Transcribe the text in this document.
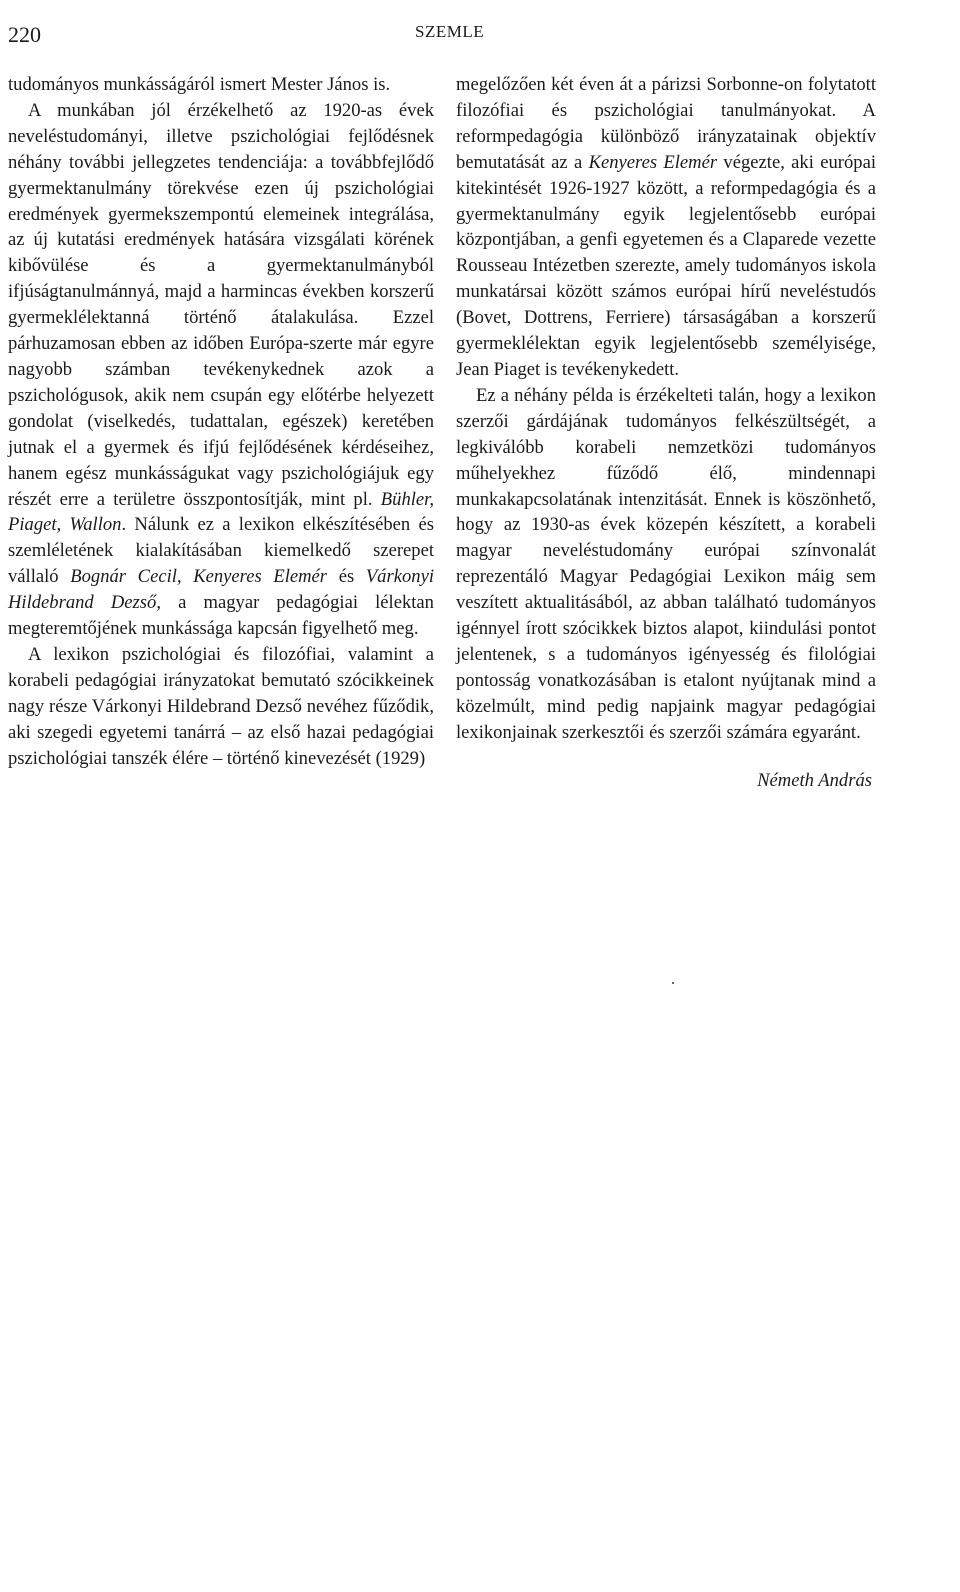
220	SZEMLE

tudományos munkásságáról ismert Mester János is.

A munkában jól érzékelhető az 1920-as évek neveléstudományi, illetve pszichológiai fejlődésnek néhány további jellegzetes tendenciája: a továbbfejlődő gyermektanulmány törekvése ezen új pszichológiai eredmények gyermekszempontú elemeinek integrálása, az új kutatási eredmények hatására vizsgálati körének kibővülése és a gyermektanulmányból ifjúságtanulmánnyá, majd a harmincas években korszerű gyermeklélektanná történő átalakulása. Ezzel párhuzamosan ebben az időben Európa-szerte már egyre nagyobb számban tevékenykednek azok a pszichológusok, akik nem csupán egy előtérbe helyezett gondolat (viselkedés, tudattalan, egészek) keretében jutnak el a gyermek és ifjú fejlődésének kérdéseihez, hanem egész munkásságukat vagy pszichológiájuk egy részét erre a területre összpontosítják, mint pl. Bühler, Piaget, Wallon. Nálunk ez a lexikon elkészítésében és szemléletének kialakításában kiemelkedő szerepet vállaló Bognár Cecil, Kenyeres Elemér és Várkonyi Hildebrand Dezső, a magyar pedagógiai lélektan megteremtőjének munkássága kapcsán figyelhető meg.

A lexikon pszichológiai és filozófiai, valamint a korabeli pedagógiai irányzatokat bemutató szócikkeinek nagy része Várkonyi Hildebrand Dezső nevéhez fűződik, aki szegedi egyetemi tanárrá – az első hazai pedagógiai pszichológiai tanszék élére – történő kinevezését (1929)

megelőzően két éven át a párizsi Sorbonne-on folytatott filozófiai és pszichológiai tanulmányokat. A reformpedagógia különböző irányzatainak objektív bemutatását az a Kenyeres Elemér végezte, aki európai kitekintését 1926-1927 között, a reformpedagógia és a gyermektanulmány egyik legjelentősebb európai központjában, a genfi egyetemen és a Claparede vezette Rousseau Intézetben szerezte, amely tudományos iskola munkatársai között számos európai hírű neveléstudós (Bovet, Dottrens, Ferriere) társaságában a korszerű gyermeklélektan egyik legjelentősebb személyisége, Jean Piaget is tevékenykedett.

Ez a néhány példa is érzékelteti talán, hogy a lexikon szerzői gárdájának tudományos felkészültségét, a legkiválóbb korabeli nemzetközi tudományos műhelyekhez fűződő élő, mindennapi munkakapcsolatának intenzitását. Ennek is köszönhető, hogy az 1930-as évek közepén készített, a korabeli magyar neveléstudomány európai színvonalát reprezentáló Magyar Pedagógiai Lexikon máig sem veszített aktualitásából, az abban található tudományos igénnyel írott szócikkek biztos alapot, kiindulási pontot jelentenek, s a tudományos igényesség és filológiai pontosság vonatkozásában is etalont nyújtanak mind a közelmúlt, mind pedig napjaink magyar pedagógiai lexikonjainak szerkesztői és szerzői számára egyaránt.

Németh András
